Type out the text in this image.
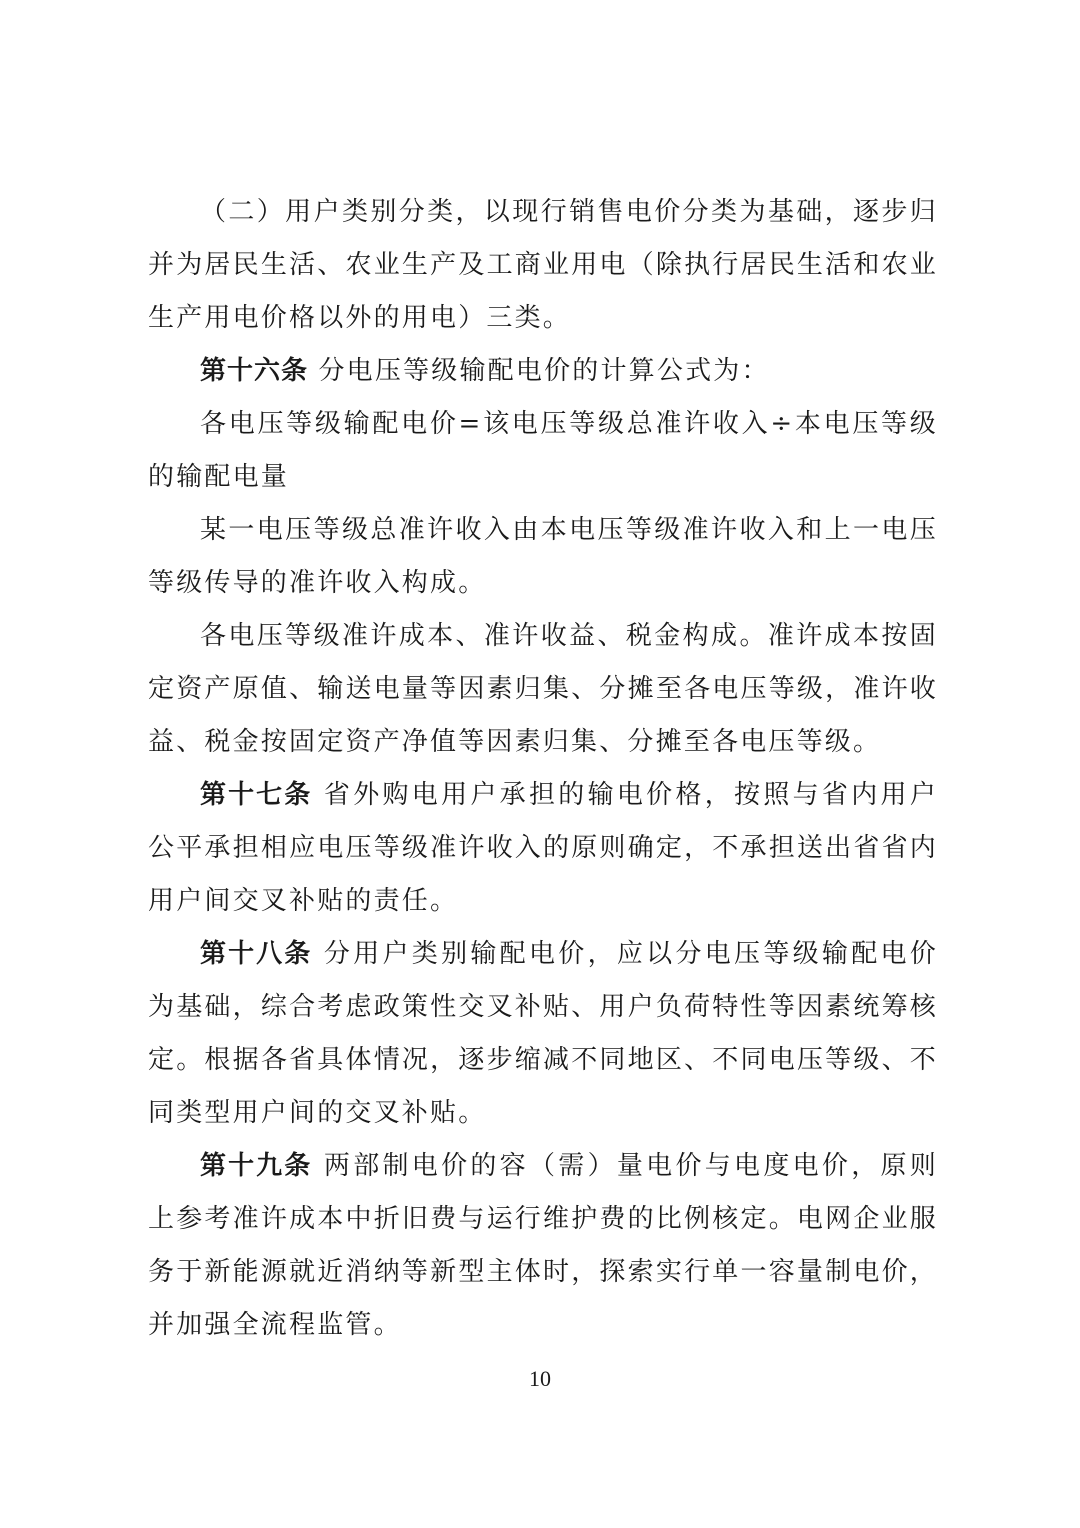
（二）用户类别分类，以现行销售电价分类为基础，逐步归并为居民生活、农业生产及工商业用电（除执行居民生活和农业生产用电价格以外的用电）三类。

第十六条 分电压等级输配电价的计算公式为：

各电压等级输配电价=该电压等级总准许收入÷本电压等级的输配电量

某一电压等级总准许收入由本电压等级准许收入和上一电压等级传导的准许收入构成。

各电压等级准许成本、准许收益、税金构成。准许成本按固定资产原值、输送电量等因素归集、分摊至各电压等级，准许收益、税金按固定资产净值等因素归集、分摊至各电压等级。

第十七条 省外购电用户承担的输电价格，按照与省内用户公平承担相应电压等级准许收入的原则确定，不承担送出省省内用户间交叉补贴的责任。

第十八条 分用户类别输配电价，应以分电压等级输配电价为基础，综合考虑政策性交叉补贴、用户负荷特性等因素统筹核定。根据各省具体情况，逐步缩减不同地区、不同电压等级、不同类型用户间的交叉补贴。

第十九条 两部制电价的容（需）量电价与电度电价，原则上参考准许成本中折旧费与运行维护费的比例核定。电网企业服务于新能源就近消纳等新型主体时，探索实行单一容量制电价，并加强全流程监管。

10
